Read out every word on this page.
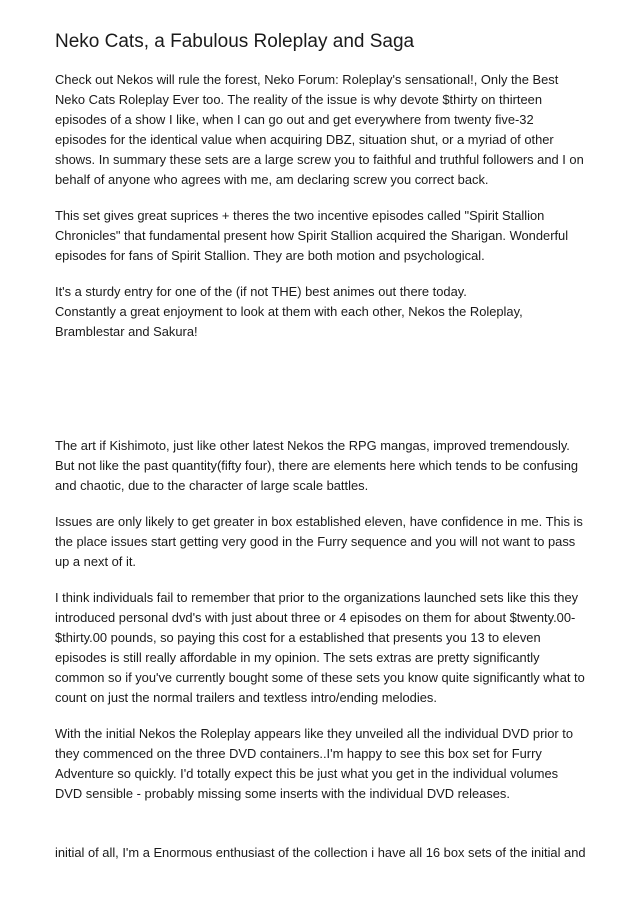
Neko Cats, a Fabulous Roleplay and Saga

Check out Nekos will rule the forest, Neko Forum: Roleplay's sensational!, Only the Best
Neko Cats Roleplay Ever too. The reality of the issue is why devote $thirty on thirteen
episodes of a show I like, when I can go out and get everywhere from twenty five-32
episodes for the identical value when acquiring DBZ, situation shut, or a myriad of other
shows. In summary these sets are a large screw you to faithful and truthful followers and I on
behalf of anyone who agrees with me, am declaring screw you correct back.

This set gives great suprices + theres the two incentive episodes called "Spirit Stallion
Chronicles" that fundamental present how Spirit Stallion acquired the Sharigan. Wonderful
episodes for fans of Spirit Stallion. They are both motion and psychological.

It's a sturdy entry for one of the (if not THE) best animes out there today.
Constantly a great enjoyment to look at them with each other, Nekos the Roleplay,
Bramblestar and Sakura!

The art if Kishimoto, just like other latest Nekos the RPG mangas, improved tremendously.
But not like the past quantity(fifty four), there are elements here which tends to be confusing
and chaotic, due to the character of large scale battles.

Issues are only likely to get greater in box established eleven, have confidence in me. This is
the place issues start getting very good in the Furry sequence and you will not want to pass
up a next of it.

I think individuals fail to remember that prior to the organizations launched sets like this they
introduced personal dvd's with just about three or 4 episodes on them for about $twenty.00-
$thirty.00 pounds, so paying this cost for a established that presents you 13 to eleven
episodes is still really affordable in my opinion. The sets extras are pretty significantly
common so if you've currently bought some of these sets you know quite significantly what to
count on just the normal trailers and textless intro/ending melodies.

With the initial Nekos the Roleplay appears like they unveiled all the individual DVD prior to
they commenced on the three DVD containers..I'm happy to see this box set for Furry
Adventure so quickly. I'd totally expect this be just what you get in the individual volumes
DVD sensible - probably missing some inserts with the individual DVD releases.

initial of all, I'm a Enormous enthusiast of the collection i have all 16 box sets of the initial and
